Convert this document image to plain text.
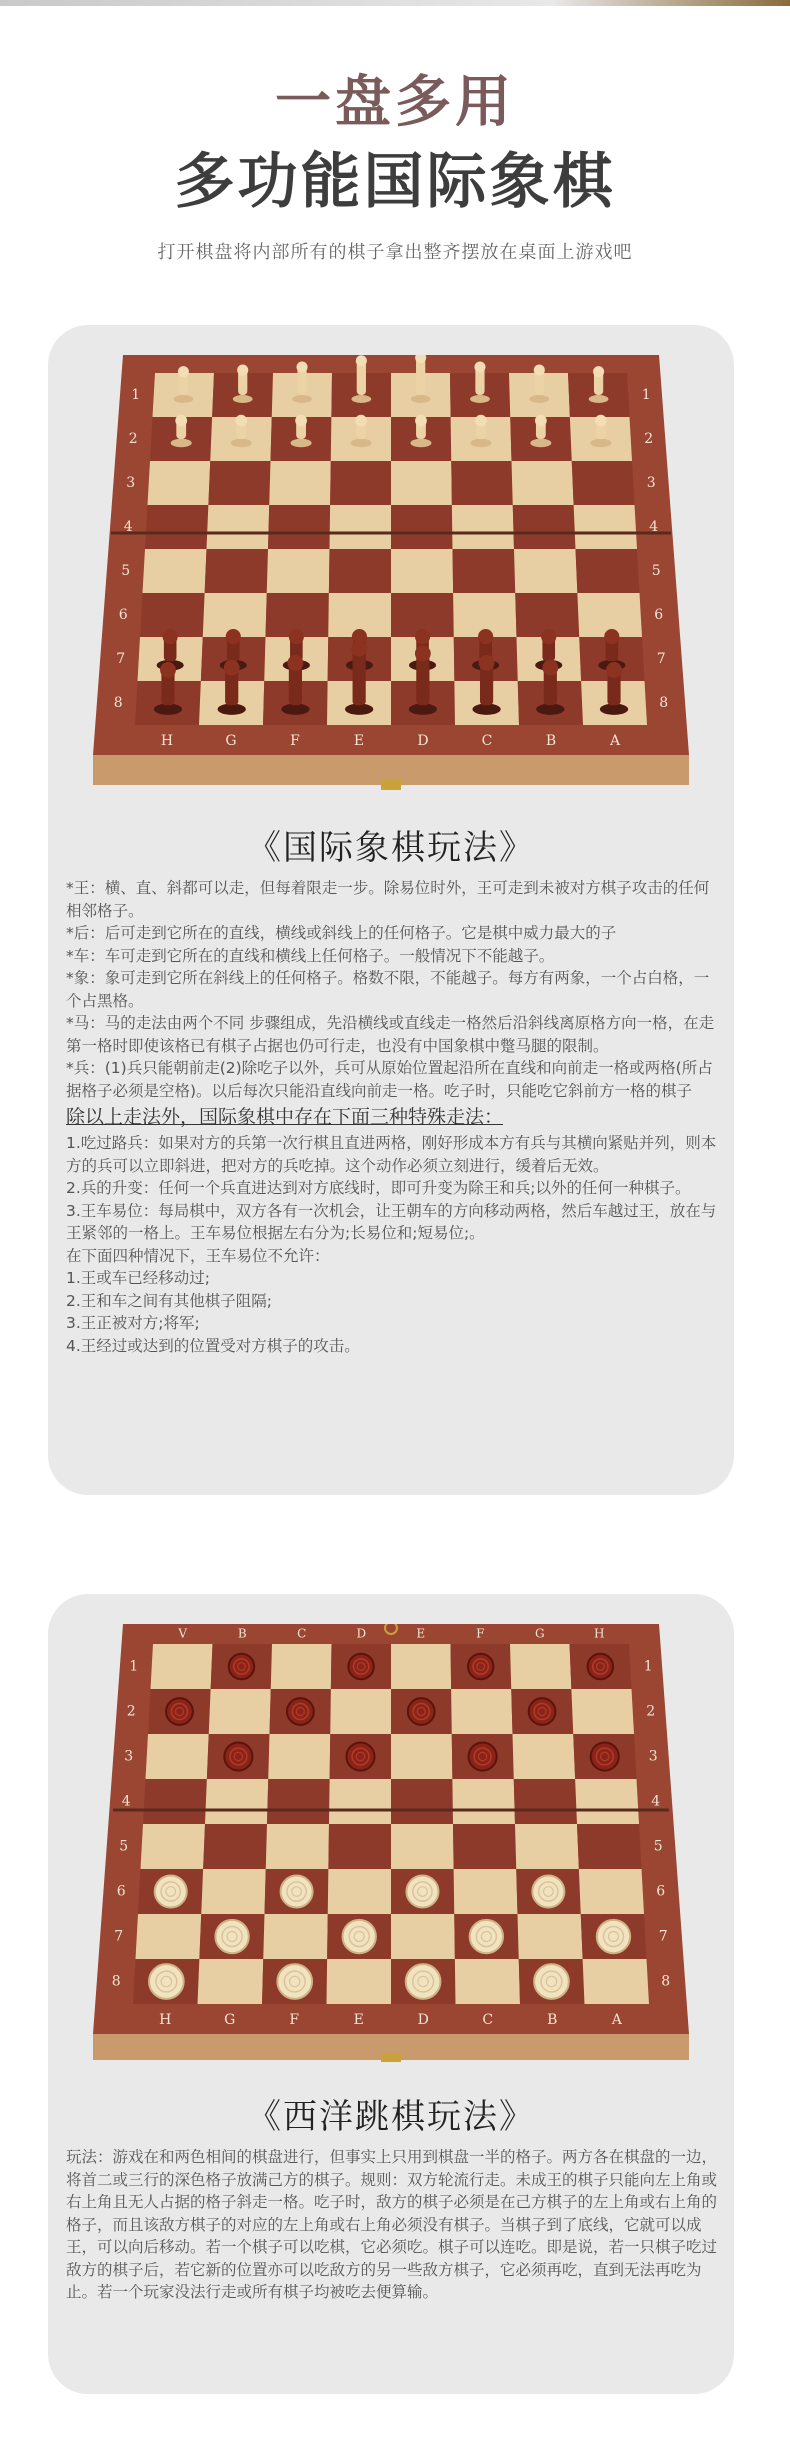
一盘多用
多功能国际象棋

打开棋盘将内部所有的棋子拿出整齐摆放在桌面上游戏吧

1
2
3
4
5
6
7
8
1
2
3
4
5
6
7
8
H	G	F	E	D	C	B	A
《国际象棋玩法》
*王：横、直、斜都可以走，但每着限走一步。除易位时外，王可走到未被对方棋子攻击的任何相邻格子。
*后：后可走到它所在的直线，横线或斜线上的任何格子。它是棋中威力最大的子
*车：车可走到它所在的直线和横线上任何格子。一般情况下不能越子。
*象：象可走到它所在斜线上的任何格子。格数不限，不能越子。每方有两象，一个占白格，一个占黑格。
*马：马的走法由两个不同 步骤组成，先沿横线或直线走一格然后沿斜线离原格方向一格，在走第一格时即使该格已有棋子占据也仍可行走，也没有中国象棋中蹩马腿的限制。
*兵：(1)兵只能朝前走(2)除吃子以外，兵可从原始位置起沿所在直线和向前走一格或两格(所占据格子必须是空格)。以后每次只能沿直线向前走一格。吃子时，只能吃它斜前方一格的棋子
除以上走法外，国际象棋中存在下面三种特殊走法：
1.吃过路兵：如果对方的兵第一次行棋且直进两格，刚好形成本方有兵与其横向紧贴并列，则本方的兵可以立即斜进，把对方的兵吃掉。这个动作必须立刻进行，缓着后无效。
2.兵的升变：任何一个兵直进达到对方底线时，即可升变为除王和兵;以外的任何一种棋子。
3.王车易位：每局棋中，双方各有一次机会，让王朝车的方向移动两格，然后车越过王，放在与王紧邻的一格上。王车易位根据左右分为;长易位和;短易位;。
在下面四种情况下，王车易位不允许：
1.王或车已经移动过;
2.王和车之间有其他棋子阻隔;
3.王正被对方;将军;
4.王经过或达到的位置受对方棋子的攻击。
V	B	C	D	E	F	G	H
1
2
3
4
5
6
7
8
1
2
3
4
5
6
7
8
H	G	F	E	D	C	B	A
《西洋跳棋玩法》
玩法：游戏在和两色相间的棋盘进行，但事实上只用到棋盘一半的格子。两方各在棋盘的一边，将首二或三行的深色格子放满己方的棋子。规则：双方轮流行走。未成王的棋子只能向左上角或右上角且无人占据的格子斜走一格。吃子时，敌方的棋子必须是在己方棋子的左上角或右上角的格子，而且该敌方棋子的对应的左上角或右上角必须没有棋子。当棋子到了底线，它就可以成王，可以向后移动。若一个棋子可以吃棋，它必须吃。棋子可以连吃。即是说，若一只棋子吃过敌方的棋子后，若它新的位置亦可以吃敌方的另一些敌方棋子，它必须再吃，直到无法再吃为止。若一个玩家没法行走或所有棋子均被吃去便算输。
